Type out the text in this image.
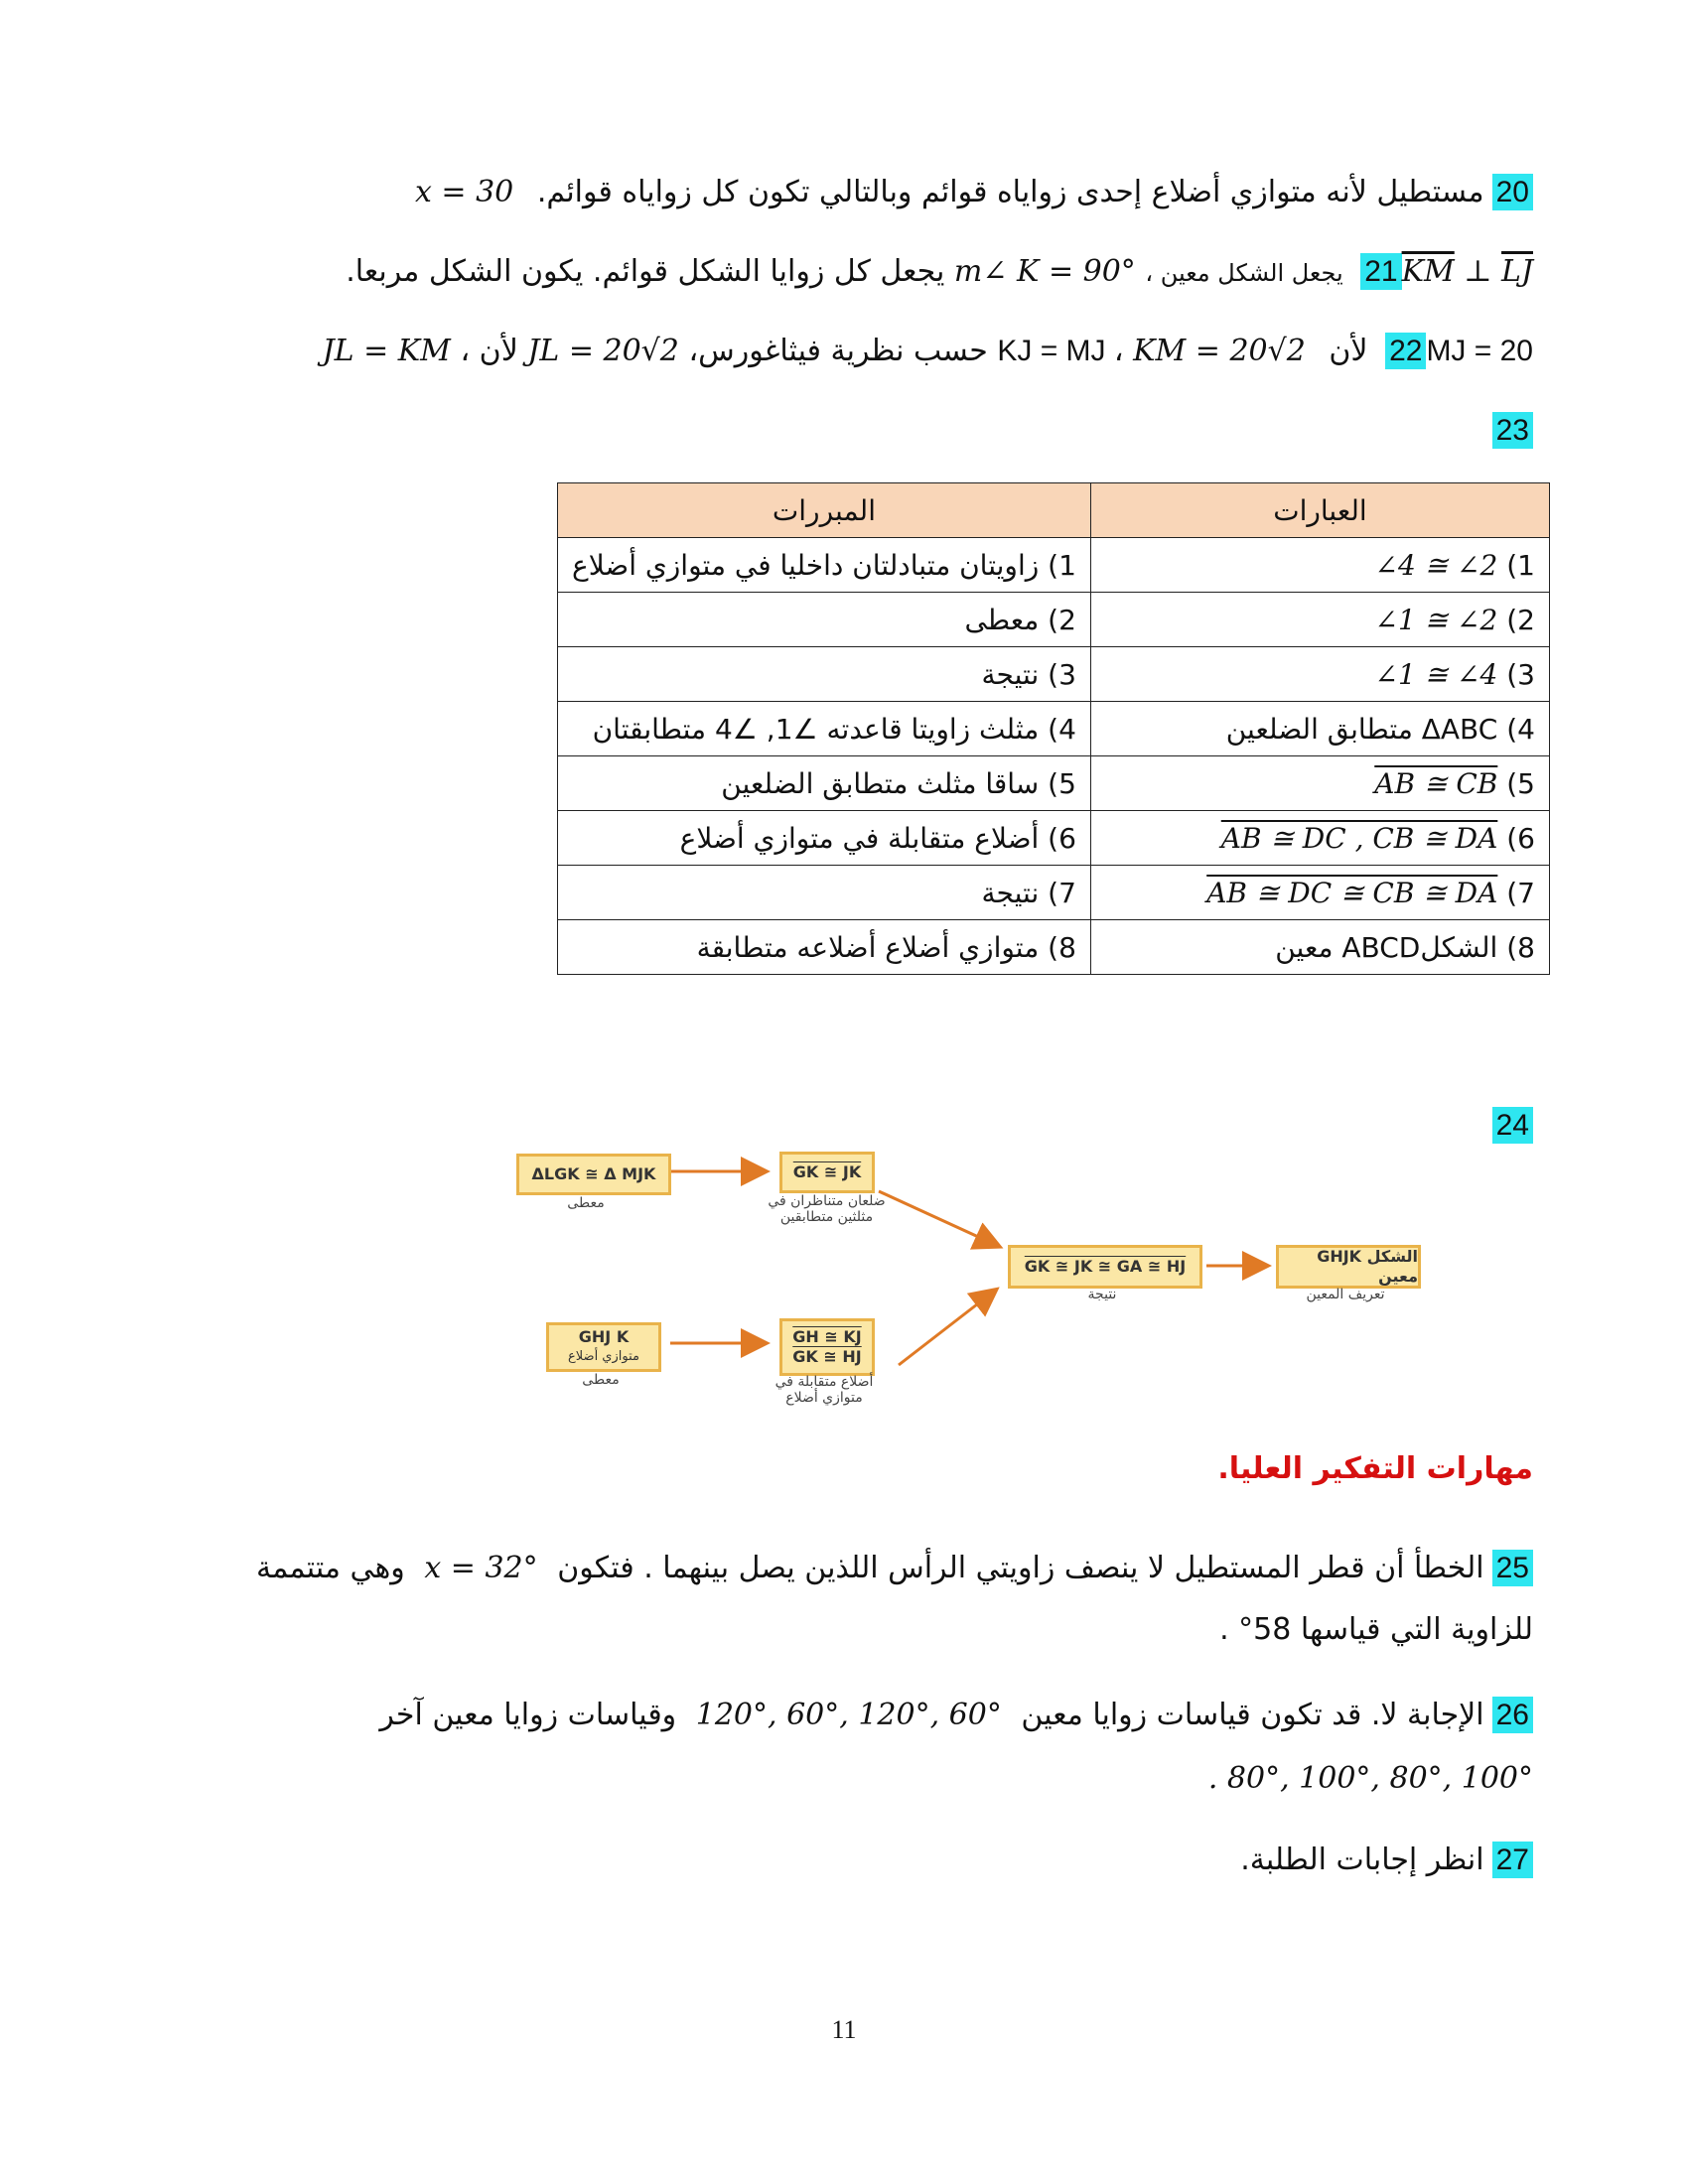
20مستطيل لأنه متوازي أضلاع إحدى زواياه قوائم وبالتالي تكون كل زواياه قوائم. x = 30
21 $\overline{KM}$ ⊥ $\overline{LJ}$ يجعل الشكل معين ، m∠ K = 90° يجعل كل زوايا الشكل قوائم. يكون الشكل مربعا.
22 MJ = 20 لأن KJ = MJ ، KM = 20√2 حسب نظرية فيثاغورس، JL = 20√2 لأن ، JL = KM
23
العبارات	المبررات
1) ∠4 ≅ ∠2	1) زاويتان متبادلتان داخليا في متوازي أضلاع
2) ∠1 ≅ ∠2	2) معطى
3) ∠1 ≅ ∠4	3) نتيجة
4) ΔABC متطابق الضلعين	4) مثلث زاويتا قاعدته ∠1, ∠4 متطابقتان
5) AB ≅ CB	5) ساقا مثلث متطابق الضلعين
6) AB ≅ DC , CB ≅ DA	6) أضلاع متقابلة في متوازي أضلاع
7) AB ≅ DC ≅ CB ≅ DA	7) نتيجة
8) الشكلABCD معين	8) متوازي أضلاع أضلاعه متطابقة
24
ΔLGK ≅ Δ MJK
معطى
GK ≅ JK
ضلعان متناظران في مثلثين متطابقين
GHJ K
متوازي أضلاع
معطى
GH ≅ KJ
GK ≅ HJ
أضلاع متقابلة في متوازي أضلاع
GK ≅ JK ≅ GA ≅ HJ
نتيجة
الشكل GHJK معين
تعريف المعين
مهارات التفكير العليا.
25الخطأ أن قطر المستطيل لا ينصف زاويتي الرأس اللذين يصل بينهما . فتكون x = 32° وهي متتممة
للزاوية التي قياسها 58° .
26الإجابة لا. قد تكون قياسات زوايا معين 120°, 60°, 120°, 60° وقياسات زوايا معين آخر
. 80°, 100°, 80°, 100°
27انظر إجابات الطلبة.
11
